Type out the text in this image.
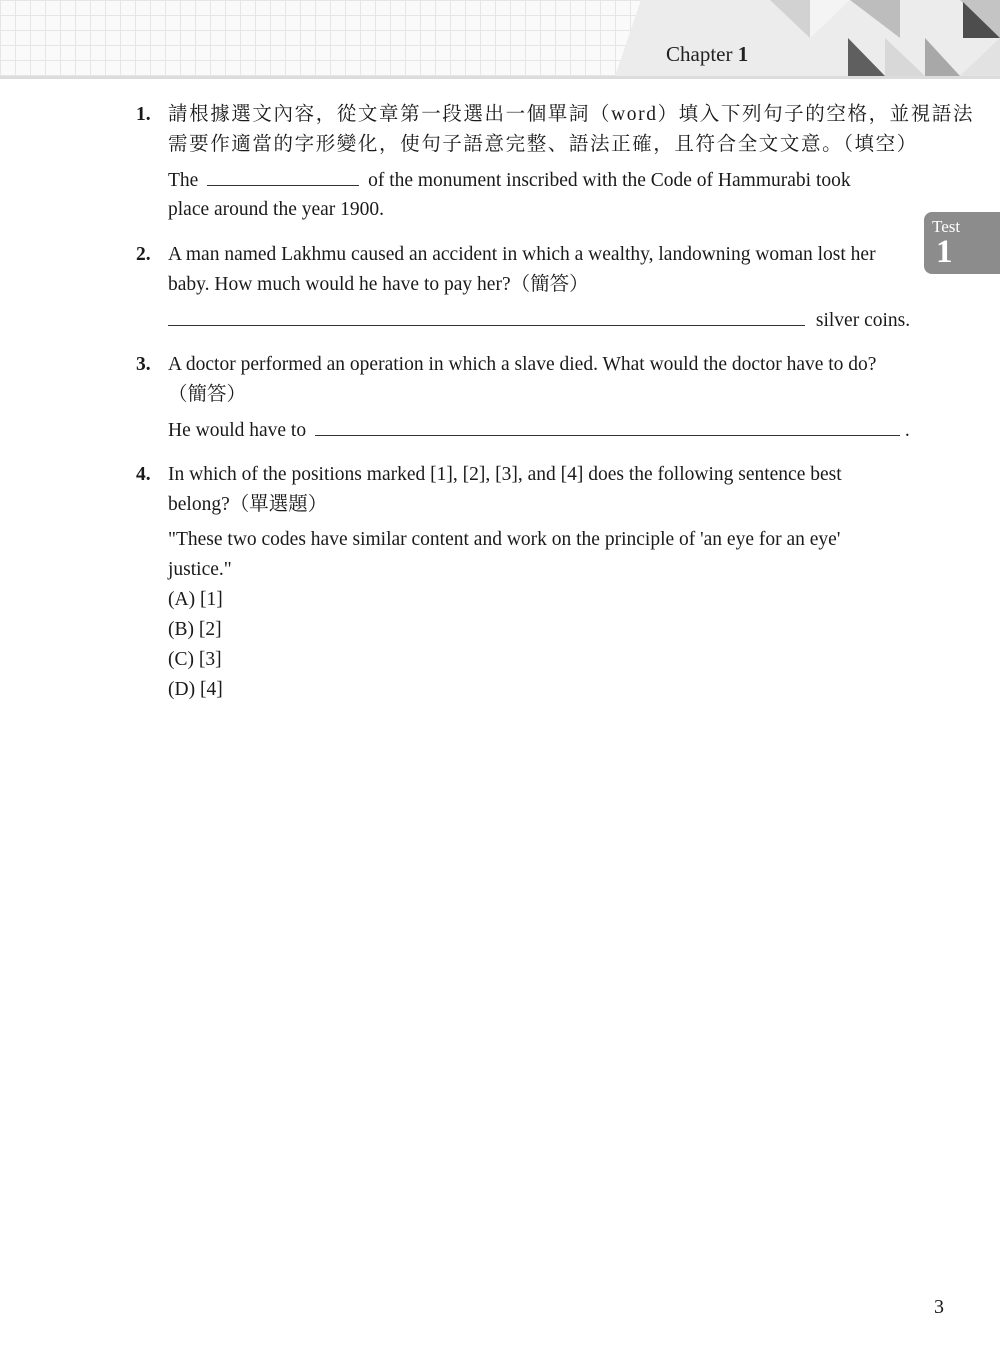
Chapter 1
Test
1
1. 請根據選文內容，從文章第一段選出一個單詞（word）填入下列句子的空格，並視語法
需要作適當的字形變化，使句子語意完整、語法正確，且符合全文文意。（填空）
The	of the monument inscribed with the Code of Hammurabi took
place around the year 1900.
2. A man named Lakhmu caused an accident in which a wealthy, landowning woman lost her
baby. How much would he have to pay her?（簡答）
silver coins.
3. A doctor performed an operation in which a slave died. What would the doctor have to do?
（簡答）
He would have to	.
4. In which of the positions marked [1], [2], [3], and [4] does the following sentence best
belong?（單選題）
"These two codes have similar content and work on the principle of 'an eye for an eye'
justice."
(A) [1]
(B) [2]
(C) [3]
(D) [4]
3
